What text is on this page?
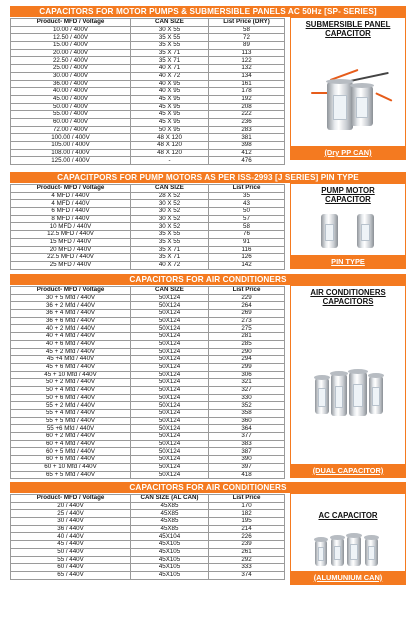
CAPACITORS FOR MOTOR PUMPS & SUBMERSIBLE PANELS AC 50Hz [SP- SERIES]
Product- MFD / Voltage	CAN SIZE	List Price (DRY)
10.00 / 400V	30 X 55	58
12.50 / 400V	35 X 55	72
15.00 / 400V	35 X 55	89
20.00 / 400V	35 X 71	113
22.50 / 400V	35 X 71	122
25.00 / 400V	40 X 71	132
30.00 / 400V	40 X 72	134
36.00 / 400V	40 X 95	161
40.00 / 400V	40 X 95	178
45.00 / 400V	45 X 95	192
50.00 / 400V	45 X 95	208
55.00 / 400V	45 X 95	222
60.00 / 400V	45 X 95	236
72.00 / 400V	50 X 95	283
100.00 / 400V	48 X 120	381
105.00 / 400V	48 X 120	398
108.00 / 400V	48 X 120	412
125.00 / 400V	-	476
SUBMERSIBLE PANEL CAPACITOR
(Dry PP CAN)
CAPACITPORS FOR PUMP MOTORS AS PER ISS-2993 [J SERIES] PIN TYPE
Product- MFD / Voltage	CAN SIZE	List Price
4 MFD / 440V	28 X 52	35
4 MFD / 440V	30 X 52	43
6 MFD / 440V	30 X 52	50
8 MFD / 440V	30 X 52	57
10 MFD / 440V	30 X 52	58
12.5 MFD / 440V	35 X 55	76
15 MFD / 440V	35 X 55	91
20 MFD / 440V	35 X 71	116
22.5 MFD / 440V	35 X 71	126
25 MFD / 440V	40 X 72	142
PUMP MOTOR CAPACITOR
PIN TYPE
CAPACITORS FOR AIR CONDITIONERS
Product- MFD / Voltage	CAN SIZE	List Price
30 + 5 Mfd / 440V	50X124	229
36 + 2 Mfd / 440V	50X124	264
36 + 4 Mfd / 440V	50X124	269
36 + 6 Mfd / 440V	50X124	273
40 + 2 Mfd / 440V	50X124	275
40 + 4 Mfd / 440V	50X124	281
40 + 6 Mfd / 440V	50X124	285
45 + 2 Mfd / 440V	50X124	290
45 +4 Mfd / 440V	50X124	294
45 + 6 Mfd / 440V	50X124	299
45 + 10 Mfd / 440V	50X124	306
50 + 2 Mfd / 440V	50X124	321
50 + 4 Mfd / 440V	50X124	327
50 + 6 Mfd / 440V	50X124	330
55 + 2 Mfd / 440V	50X124	352
55 + 4 Mfd / 440V	50X124	358
55 + 5 Mfd / 440V	50X124	360
55 +6 Mfd / 440V	50X124	364
60 + 2 Mfd / 440V	50X124	377
60 + 4 Mfd / 440V	50X124	383
60 + 5 Mfd / 440V	50X124	387
60 + 6 Mfd / 440V	50X124	390
60 + 10 Mfd / 440V	50X124	397
65 + 5 Mfd / 440V	50X124	418
AIR CONDITIONERS CAPACITORS
(DUAL CAPACITOR)
CAPACITORS FOR AIR CONDITIONERS
Product- MFD / Voltage	CAN SIZE (AL CAN)	List Price
20 / 440V	45X85	170
25 / 440V	45X85	182
30 / 440V	45X85	195
36 / 440V	45X85	214
40 / 440V	45X104	226
45 / 440V	45X105	239
50 / 440V	45X105	261
55 / 440V	45X105	292
60 / 440V	45X105	333
65 / 440V	45X105	374
AC CAPACITOR
(ALUMUNIUM CAN)
